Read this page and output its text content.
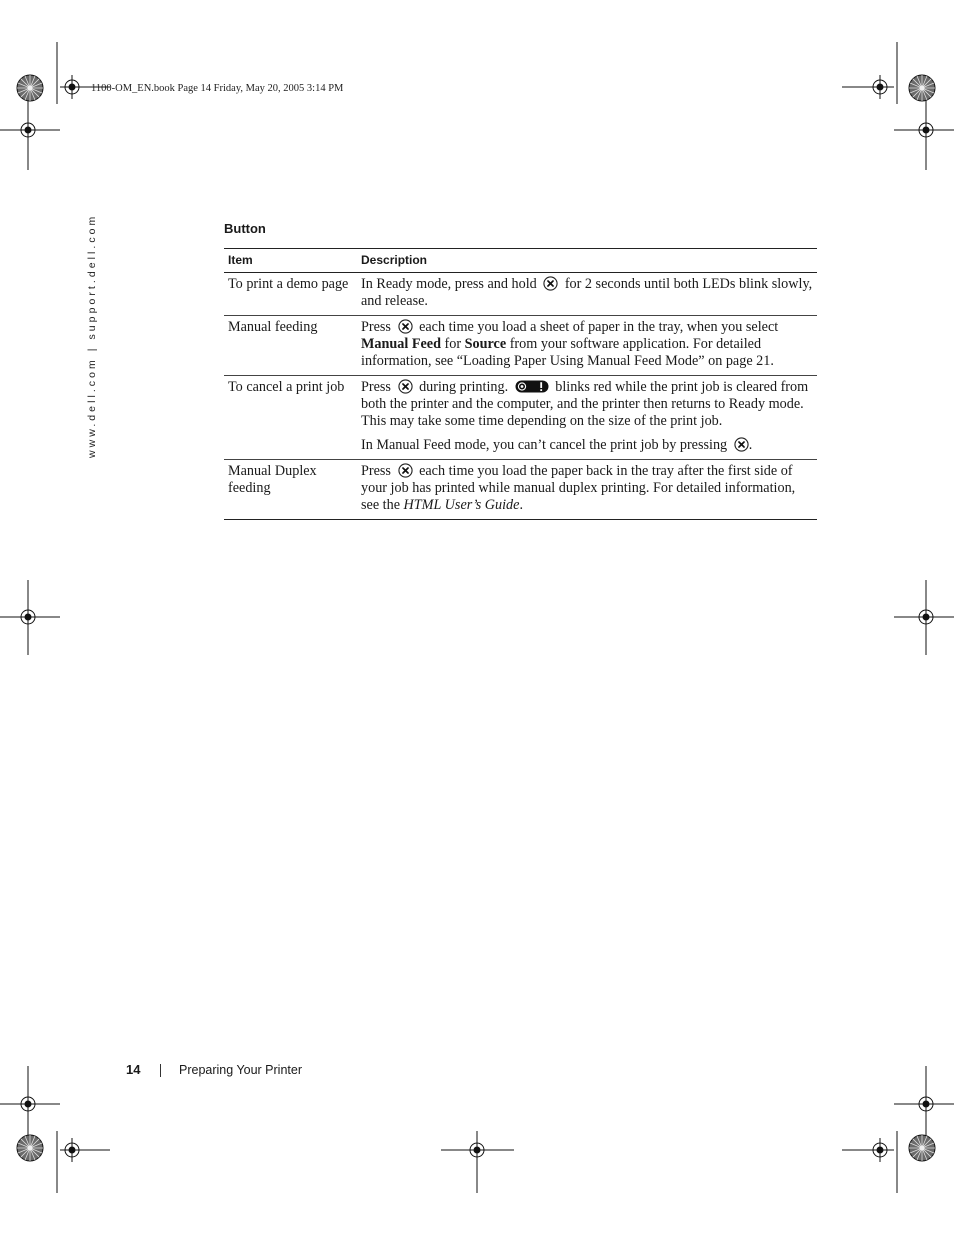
1100-OM_EN.book Page 14 Friday, May 20, 2005 3:14 PM
www.dell.com | support.dell.com	Button
Item	Description
To print a demo page	In Ready mode, press and hold for 2 seconds until both LEDs blink slowly, and release.
Manual feeding	Press each time you load a sheet of paper in the tray, when you select Manual Feed for Source from your software application. For detailed information, see “Loading Paper Using Manual Feed Mode” on page 21.
To cancel a print job	Press during printing. blinks red while the print job is cleared from both the printer and the computer, and the printer then returns to Ready mode. This may take some time depending on the size of the print job.
In Manual Feed mode, you can’t cancel the print job by pressing .

Manual Duplex feeding	Press each time you load the paper back in the tray after the first side of your job has printed while manual duplex printing. For detailed information, see the HTML User’s Guide.
14	Preparing Your Printer
